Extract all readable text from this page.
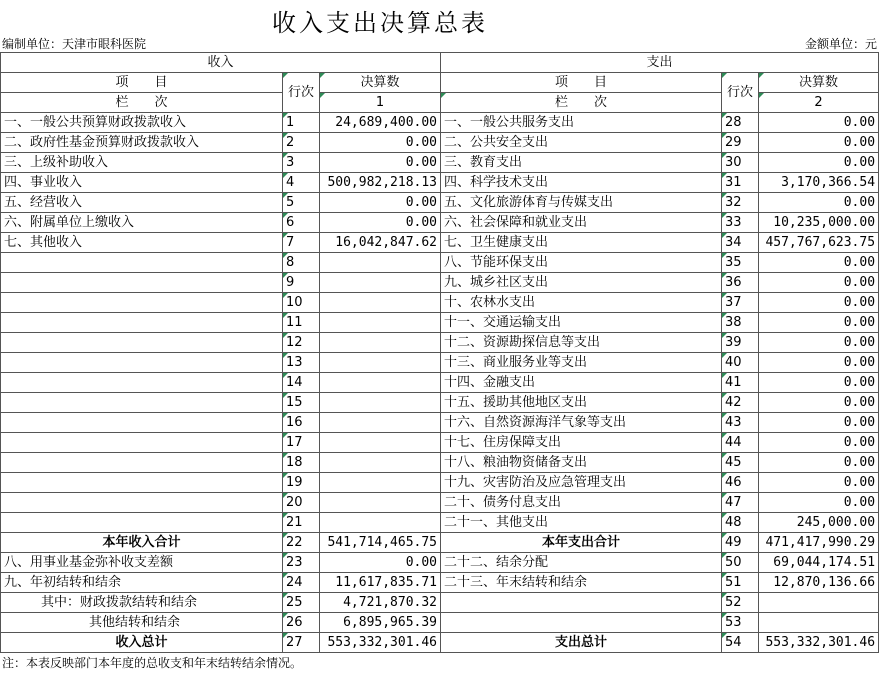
收入支出决算总表
编制单位：天津市眼科医院	金额单位：元
收入			支出		
项　　目	行次	决算数	项　　目	行次	决算数
栏　　次		1	栏　　次		2
一、一般公共预算财政拨款收入	1	24,689,400.00	一、一般公共服务支出	28	0.00
二、政府性基金预算财政拨款收入	2	0.00	二、公共安全支出	29	0.00
三、上级补助收入	3	0.00	三、教育支出	30	0.00
四、事业收入	4	500,982,218.13	四、科学技术支出	31	3,170,366.54
五、经营收入	5	0.00	五、文化旅游体育与传媒支出	32	0.00
六、附属单位上缴收入	6	0.00	六、社会保障和就业支出	33	10,235,000.00
七、其他收入	7	16,042,847.62	七、卫生健康支出	34	457,767,623.75
	8		八、节能环保支出	35	0.00
	9		九、城乡社区支出	36	0.00
	10		十、农林水支出	37	0.00
	11		十一、交通运输支出	38	0.00
	12		十二、资源勘探信息等支出	39	0.00
	13		十三、商业服务业等支出	40	0.00
	14		十四、金融支出	41	0.00
	15		十五、援助其他地区支出	42	0.00
	16		十六、自然资源海洋气象等支出	43	0.00
	17		十七、住房保障支出	44	0.00
	18		十八、粮油物资储备支出	45	0.00
	19		十九、灾害防治及应急管理支出	46	0.00
	20		二十、债务付息支出	47	0.00
	21		二十一、其他支出	48	245,000.00
本年收入合计	22	541,714,465.75	本年支出合计	49	471,417,990.29
八、用事业基金弥补收支差额	23	0.00	二十二、结余分配	50	69,044,174.51
九、年初结转和结余	24	11,617,835.71	二十三、年末结转和结余	51	12,870,136.66
其中：财政拨款结转和结余	25	4,721,870.32		52	
其他结转和结余	26	6,895,965.39		53	
收入总计	27	553,332,301.46	支出总计	54	553,332,301.46
注：本表反映部门本年度的总收支和年末结转结余情况。
